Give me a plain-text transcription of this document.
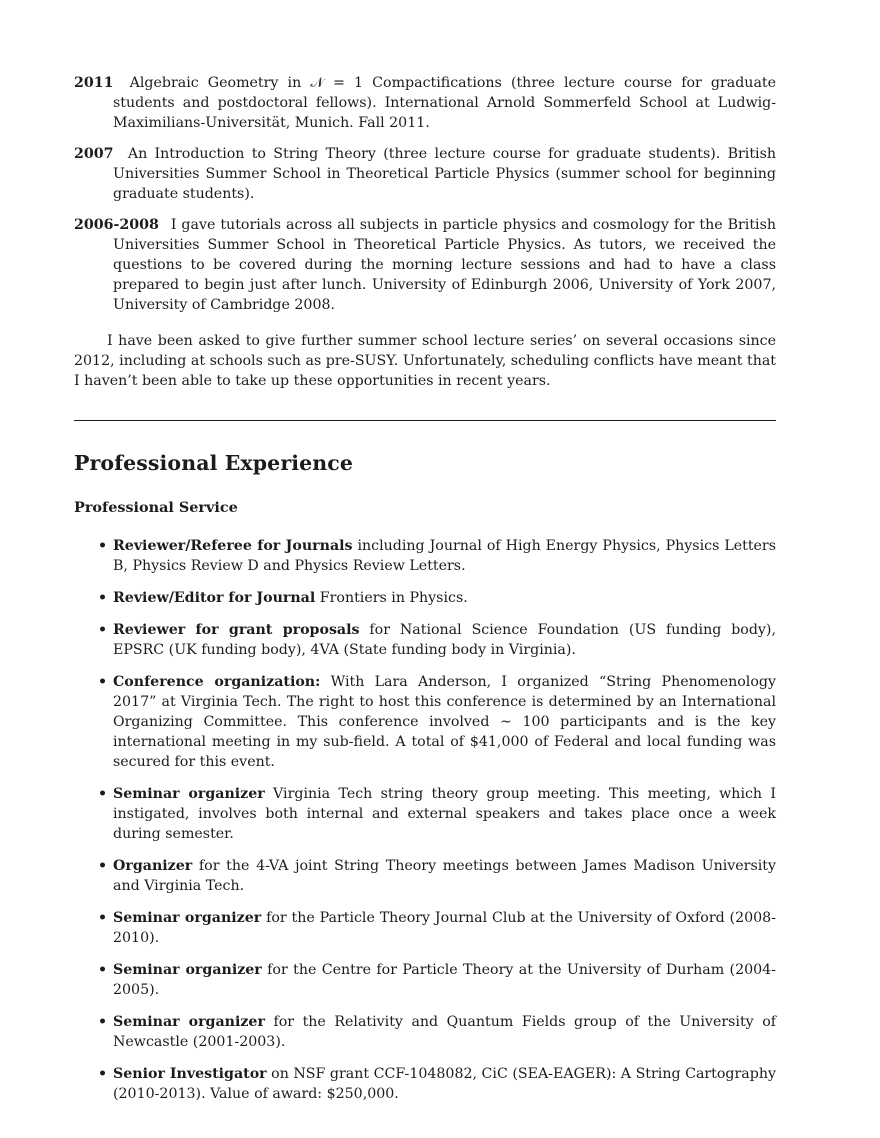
2011 Algebraic Geometry in 𝒩 = 1 Compactifications (three lecture course for graduate students and postdoctoral fellows). International Arnold Sommerfeld School at Ludwig-Maximilians-Universität, Munich. Fall 2011.
2007 An Introduction to String Theory (three lecture course for graduate students). British Universities Summer School in Theoretical Particle Physics (summer school for beginning graduate students).
2006-2008 I gave tutorials across all subjects in particle physics and cosmology for the British Universities Summer School in Theoretical Particle Physics. As tutors, we received the questions to be covered during the morning lecture sessions and had to have a class prepared to begin just after lunch. University of Edinburgh 2006, University of York 2007, University of Cambridge 2008.

I have been asked to give further summer school lecture series’ on several occasions since 2012, including at schools such as pre-SUSY. Unfortunately, scheduling conflicts have meant that I haven’t been able to take up these opportunities in recent years.

Professional Experience
Professional Service
• Reviewer/Referee for Journals including Journal of High Energy Physics, Physics Letters B, Physics Review D and Physics Review Letters.
• Review/Editor for Journal Frontiers in Physics.
• Reviewer for grant proposals for National Science Foundation (US funding body), EPSRC (UK funding body), 4VA (State funding body in Virginia).
• Conference organization: With Lara Anderson, I organized “String Phenomenology 2017” at Virginia Tech. The right to host this conference is determined by an International Organizing Committee. This conference involved ∼ 100 participants and is the key international meeting in my sub-field. A total of $41,000 of Federal and local funding was secured for this event.
• Seminar organizer Virginia Tech string theory group meeting. This meeting, which I instigated, involves both internal and external speakers and takes place once a week during semester.
• Organizer for the 4-VA joint String Theory meetings between James Madison University and Virginia Tech.
• Seminar organizer for the Particle Theory Journal Club at the University of Oxford (2008-2010).
• Seminar organizer for the Centre for Particle Theory at the University of Durham (2004-2005).
• Seminar organizer for the Relativity and Quantum Fields group of the University of Newcastle (2001-2003).
• Senior Investigator on NSF grant CCF-1048082, CiC (SEA-EAGER): A String Cartography (2010-2013). Value of award: $250,000.
